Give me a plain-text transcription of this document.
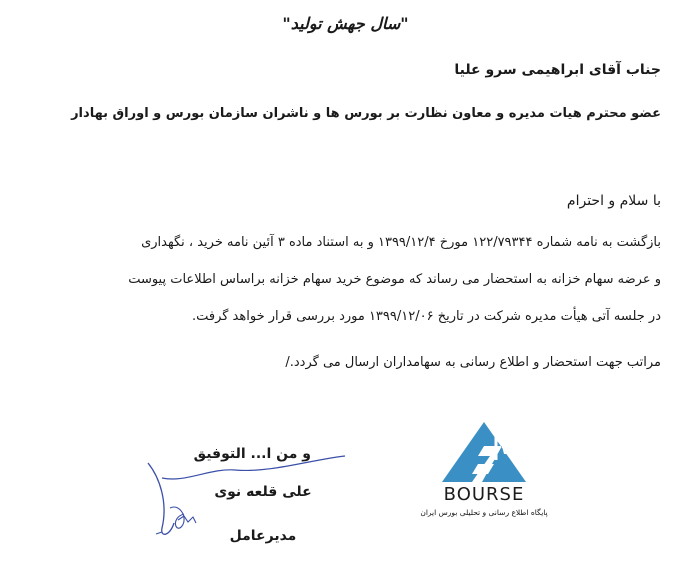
"سال جهش تولید"
جناب آقای ابراهیمی سرو علیا
عضو محترم هیات مدیره و معاون نظارت بر بورس ها و ناشران سازمان بورس و اوراق بهادار
با سلام و احترام
بازگشت به نامه شماره ۱۲۲/۷۹۳۴۴ مورخ ۱۳۹۹/۱۲/۴ و به استناد ماده ۳ آئین نامه خرید ، نگهداری
و عرضه سهام خزانه به استحضار می رساند که موضوع خرید سهام خزانه براساس اطلاعات پیوست
در جلسه آتی هیأت مدیره شرکت در تاریخ ۱۳۹۹/۱۲/۰۶ مورد بررسی قرار خواهد گرفت.
مراتب جهت استحضار و اطلاع رسانی به سهامداران ارسال می گردد./
و من ا... التوفیق
علی قلعه نوی
مدیرعامل
BOURSE
پایگاه اطلاع رسانی و تحلیلی بورس ایران
